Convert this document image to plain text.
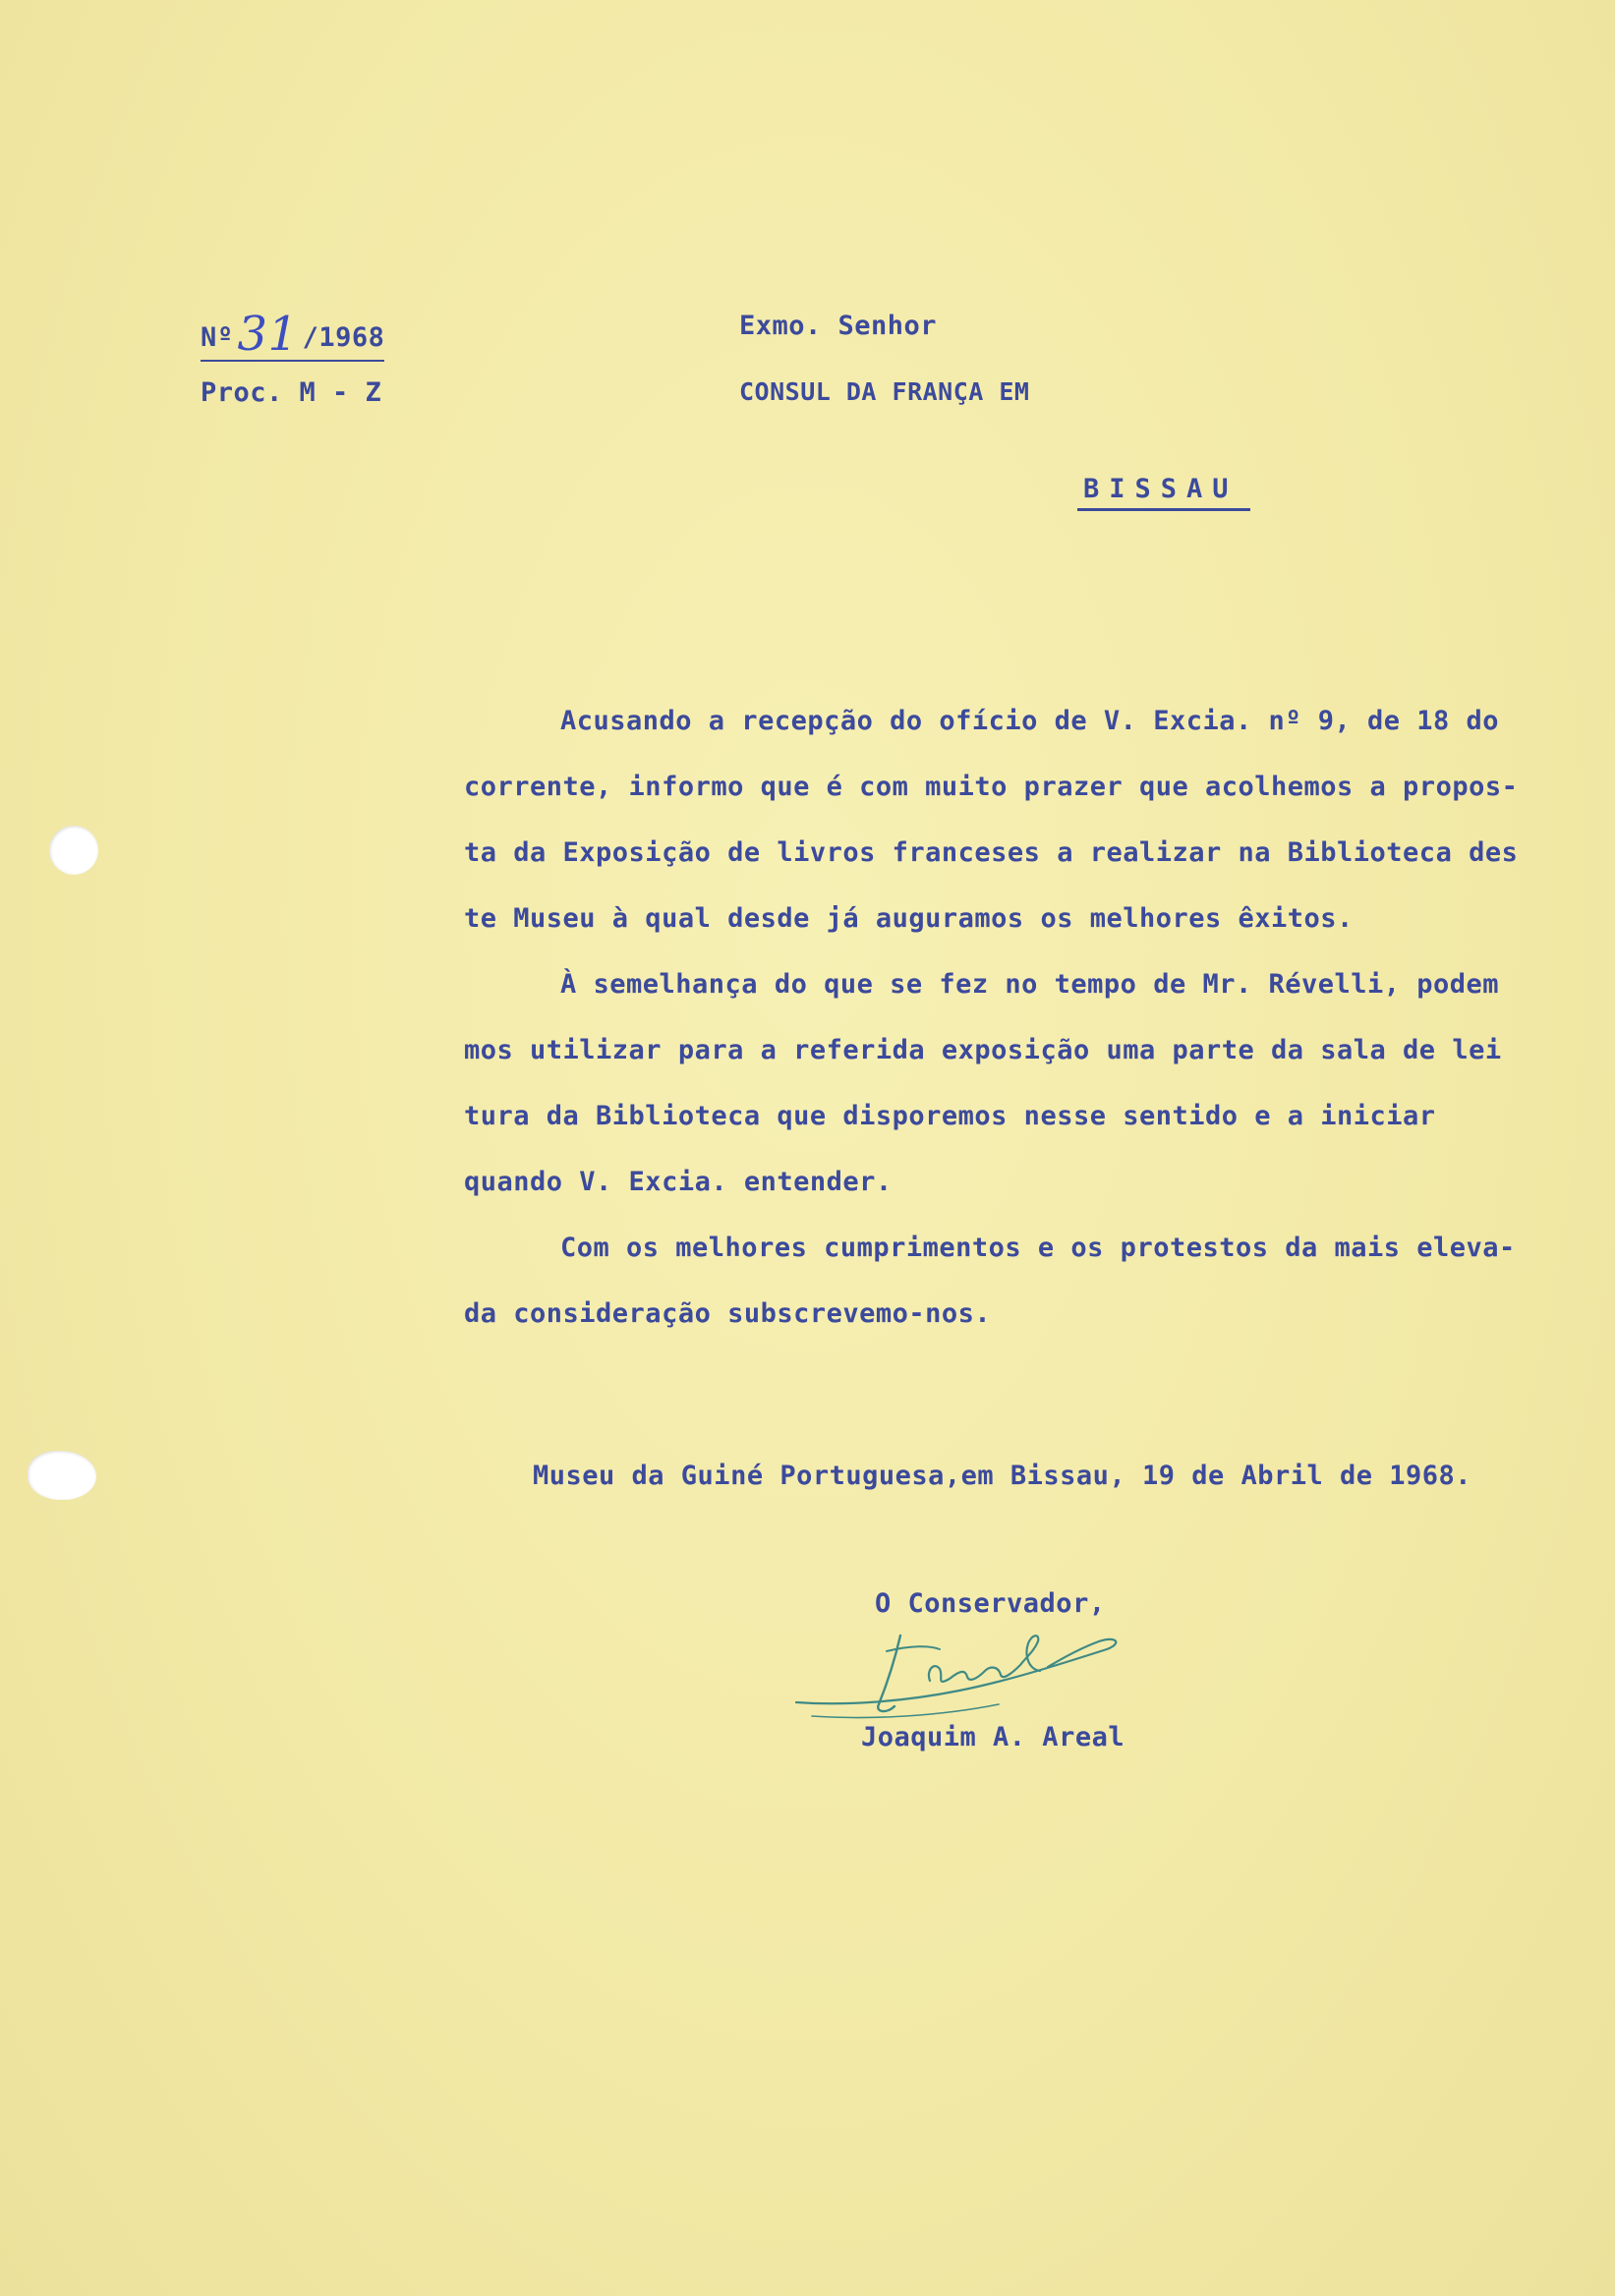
Nº31 /1968
Proc. M - Z
Exmo. Senhor
CONSUL DA FRANÇA EM
BISSAU
Acusando a recepção do ofício de V. Excia. nº 9, de 18 do
corrente, informo que é com muito prazer que acolhemos a propos-
ta da Exposição de livros franceses a realizar na Biblioteca des
te Museu à qual desde já auguramos os melhores êxitos.
À semelhança do que se fez no tempo de Mr. Révelli, podem
mos utilizar para a referida exposição uma parte da sala de lei
tura da Biblioteca que disporemos nesse sentido e a iniciar
quando V. Excia. entender.
Com os melhores cumprimentos e os protestos da mais eleva-
da consideração subscrevemo-nos.
Museu da Guiné Portuguesa,em Bissau, 19 de Abril de 1968.
O Conservador,
Joaquim A. Areal
